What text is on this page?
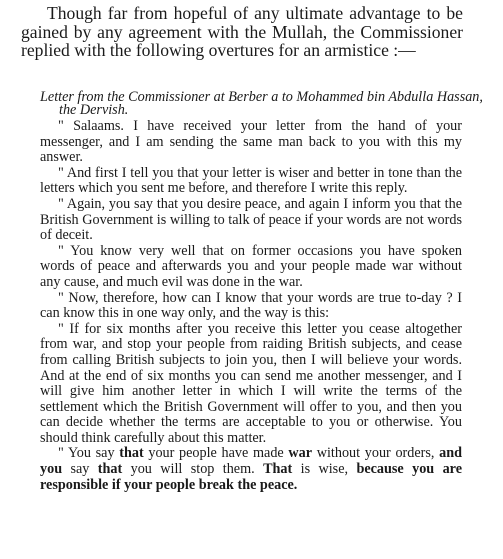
Though far from hopeful of any ultimate advantage to be gained by any agreement with the Mullah, the Commissioner replied with the following overtures for an armistice :—

Letter from the Commissioner at Berber a to Mohammed bin Abdulla Hassan, the Dervish.

" Salaams. I have received your letter from the hand of your messenger, and I am sending the same man back to you with this my answer.

" And first I tell you that your letter is wiser and better in tone than the letters which you sent me before, and therefore I write this reply.

" Again, you say that you desire peace, and again I inform you that the British Government is willing to talk of peace if your words are not words of deceit.

" You know very well that on former occasions you have spoken words of peace and afterwards you and your people made war without any cause, and much evil was done in the war.

" Now, therefore, how can I know that your words are true to-day ? I can know this in one way only, and the way is this:

" If for six months after you receive this letter you cease altogether from war, and stop your people from raiding British subjects, and cease from calling British subjects to join you, then I will believe your words. And at the end of six months you can send me another messenger, and I will give him another letter in which I will write the terms of the settlement which the British Government will offer to you, and then you can decide whether the terms are acceptable to you or otherwise. You should think carefully about this matter.

" You say that your people have made war without your orders, and you say that you will stop them. That is wise, because you are responsible if your people break the peace.
